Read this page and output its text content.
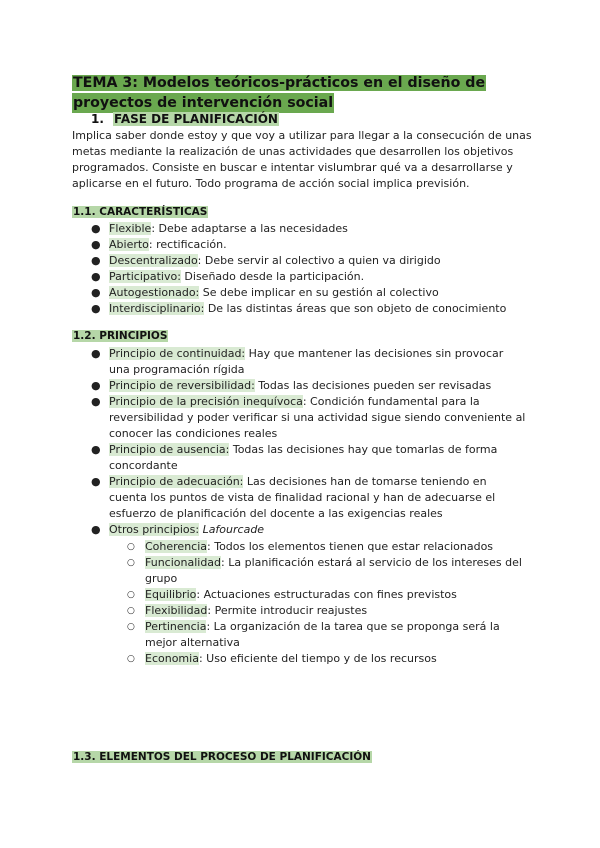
TEMA 3: Modelos teóricos-prácticos en el diseño de
proyectos de intervención social
1. FASE DE PLANIFICACIÓN
Implica saber donde estoy y que voy a utilizar para llegar a la consecución de unas
metas mediante la realización de unas actividades que desarrollen los objetivos
programados. Consiste en buscar e intentar vislumbrar qué va a desarrollarse y
aplicarse en el futuro. Todo programa de acción social implica previsión.
1.1. CARACTERÍSTICAS
● Flexible: Debe adaptarse a las necesidades
● Abierto: rectificación.
● Descentralizado: Debe servir al colectivo a quien va dirigido
● Participativo: Diseñado desde la participación.
● Autogestionado: Se debe implicar en su gestión al colectivo
● Interdisciplinario: De las distintas áreas que son objeto de conocimiento
1.2. PRINCIPIOS
● Principio de continuidad: Hay que mantener las decisiones sin provocar
una programación rígida
● Principio de reversibilidad: Todas las decisiones pueden ser revisadas
● Principio de la precisión inequívoca: Condición fundamental para la
reversibilidad y poder verificar si una actividad sigue siendo conveniente al
conocer las condiciones reales
● Principio de ausencia: Todas las decisiones hay que tomarlas de forma
concordante
● Principio de adecuación: Las decisiones han de tomarse teniendo en
cuenta los puntos de vista de finalidad racional y han de adecuarse el
esfuerzo de planificación del docente a las exigencias reales
● Otros principios: Lafourcade
○ Coherencia: Todos los elementos tienen que estar relacionados
○ Funcionalidad: La planificación estará al servicio de los intereses del
grupo
○ Equilibrio: Actuaciones estructuradas con fines previstos
○ Flexibilidad: Permite introducir reajustes
○ Pertinencia: La organización de la tarea que se proponga será la
mejor alternativa
○ Economia: Uso eficiente del tiempo y de los recursos
1.3. ELEMENTOS DEL PROCESO DE PLANIFICACIÓN
